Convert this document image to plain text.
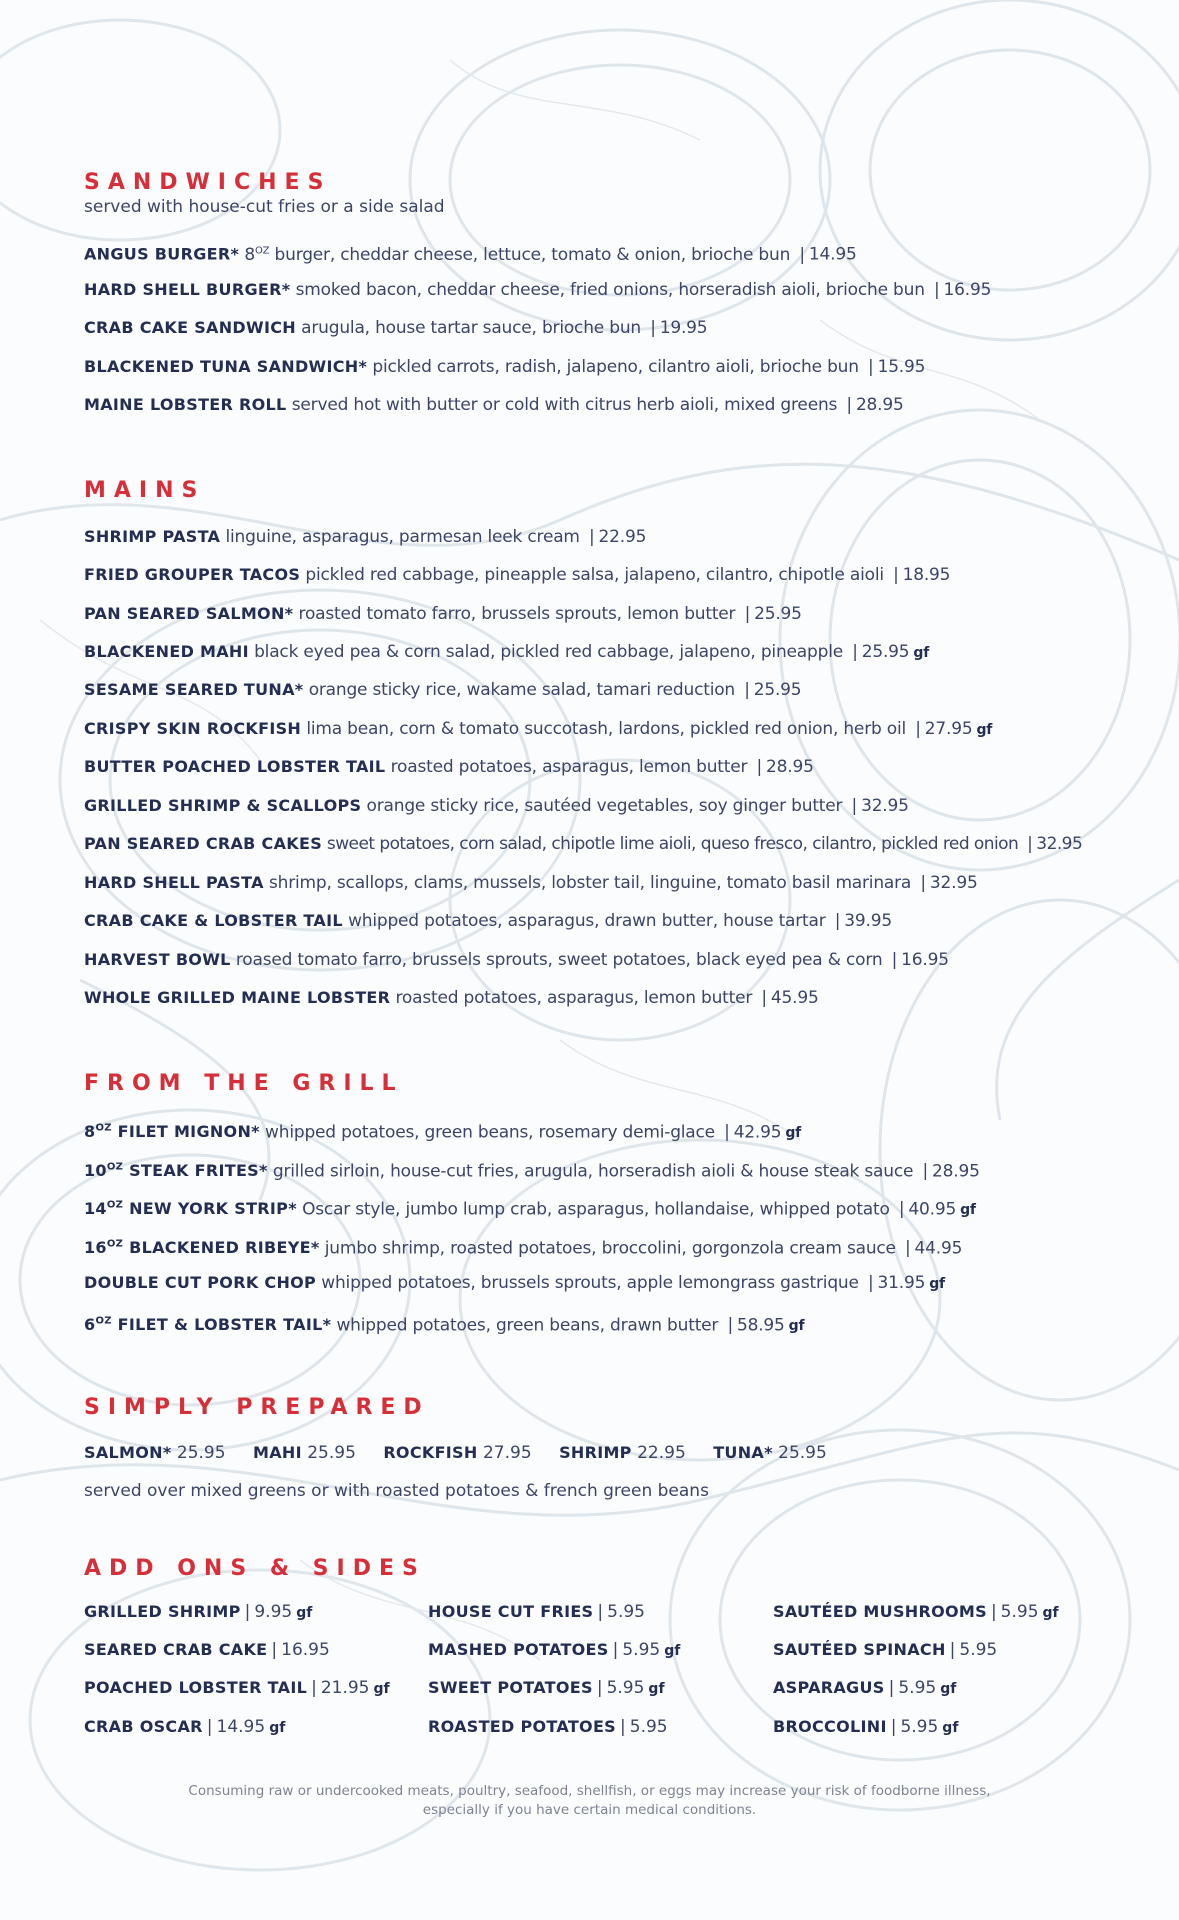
SANDWICHES
served with house-cut fries or a side salad
ANGUS BURGER* $8^{OZ}$ burger, cheddar cheese, lettuce, tomato & onion, brioche bun | 14.95
HARD SHELL BURGER* smoked bacon, cheddar cheese, fried onions, horseradish aioli, brioche bun | 16.95
CRAB CAKE SANDWICH arugula, house tartar sauce, brioche bun | 19.95
BLACKENED TUNA SANDWICH* pickled carrots, radish, jalapeno, cilantro aioli, brioche bun | 15.95
MAINE LOBSTER ROLL served hot with butter or cold with citrus herb aioli, mixed greens | 28.95
MAINS
SHRIMP PASTA linguine, asparagus, parmesan leek cream | 22.95
FRIED GROUPER TACOS pickled red cabbage, pineapple salsa, jalapeno, cilantro, chipotle aioli | 18.95
PAN SEARED SALMON* roasted tomato farro, brussels sprouts, lemon butter | 25.95
BLACKENED MAHI black eyed pea & corn salad, pickled red cabbage, jalapeno, pineapple | 25.95 gf
SESAME SEARED TUNA* orange sticky rice, wakame salad, tamari reduction | 25.95
CRISPY SKIN ROCKFISH lima bean, corn & tomato succotash, lardons, pickled red onion, herb oil | 27.95 gf
BUTTER POACHED LOBSTER TAIL roasted potatoes, asparagus, lemon butter | 28.95
GRILLED SHRIMP & SCALLOPS orange sticky rice, sautéed vegetables, soy ginger butter | 32.95
PAN SEARED CRAB CAKES sweet potatoes, corn salad, chipotle lime aioli, queso fresco, cilantro, pickled red onion | 32.95
HARD SHELL PASTA shrimp, scallops, clams, mussels, lobster tail, linguine, tomato basil marinara | 32.95
CRAB CAKE & LOBSTER TAIL whipped potatoes, asparagus, drawn butter, house tartar | 39.95
HARVEST BOWL roased tomato farro, brussels sprouts, sweet potatoes, black eyed pea & corn | 16.95
WHOLE GRILLED MAINE LOBSTER roasted potatoes, asparagus, lemon butter | 45.95
FROM THE GRILL
$8^{OZ}$ FILET MIGNON* whipped potatoes, green beans, rosemary demi-glace | 42.95 gf
$10^{OZ}$ STEAK FRITES* grilled sirloin, house-cut fries, arugula, horseradish aioli & house steak sauce | 28.95
$14^{OZ}$ NEW YORK STRIP* Oscar style, jumbo lump crab, asparagus, hollandaise, whipped potato | 40.95 gf
$16^{OZ}$ BLACKENED RIBEYE* jumbo shrimp, roasted potatoes, broccolini, gorgonzola cream sauce | 44.95
DOUBLE CUT PORK CHOP whipped potatoes, brussels sprouts, apple lemongrass gastrique | 31.95 gf
$6^{OZ}$ FILET & LOBSTER TAIL* whipped potatoes, green beans, drawn butter | 58.95 gf
SIMPLY PREPARED
SALMON* 25.95 MAHI 25.95 ROCKFISH 27.95 SHRIMP 22.95 TUNA* 25.95
served over mixed greens or with roasted potatoes & french green beans
ADD ONS & SIDES
GRILLED SHRIMP | 9.95 gf
SEARED CRAB CAKE | 16.95
POACHED LOBSTER TAIL | 21.95 gf
CRAB OSCAR | 14.95 gf
HOUSE CUT FRIES | 5.95
MASHED POTATOES | 5.95 gf
SWEET POTATOES | 5.95 gf
ROASTED POTATOES | 5.95
SAUTÉED MUSHROOMS | 5.95 gf
SAUTÉED SPINACH | 5.95
ASPARAGUS | 5.95 gf
BROCCOLINI | 5.95 gf
Consuming raw or undercooked meats, poultry, seafood, shellfish, or eggs may increase your risk of foodborne illness,
especially if you have certain medical conditions.
